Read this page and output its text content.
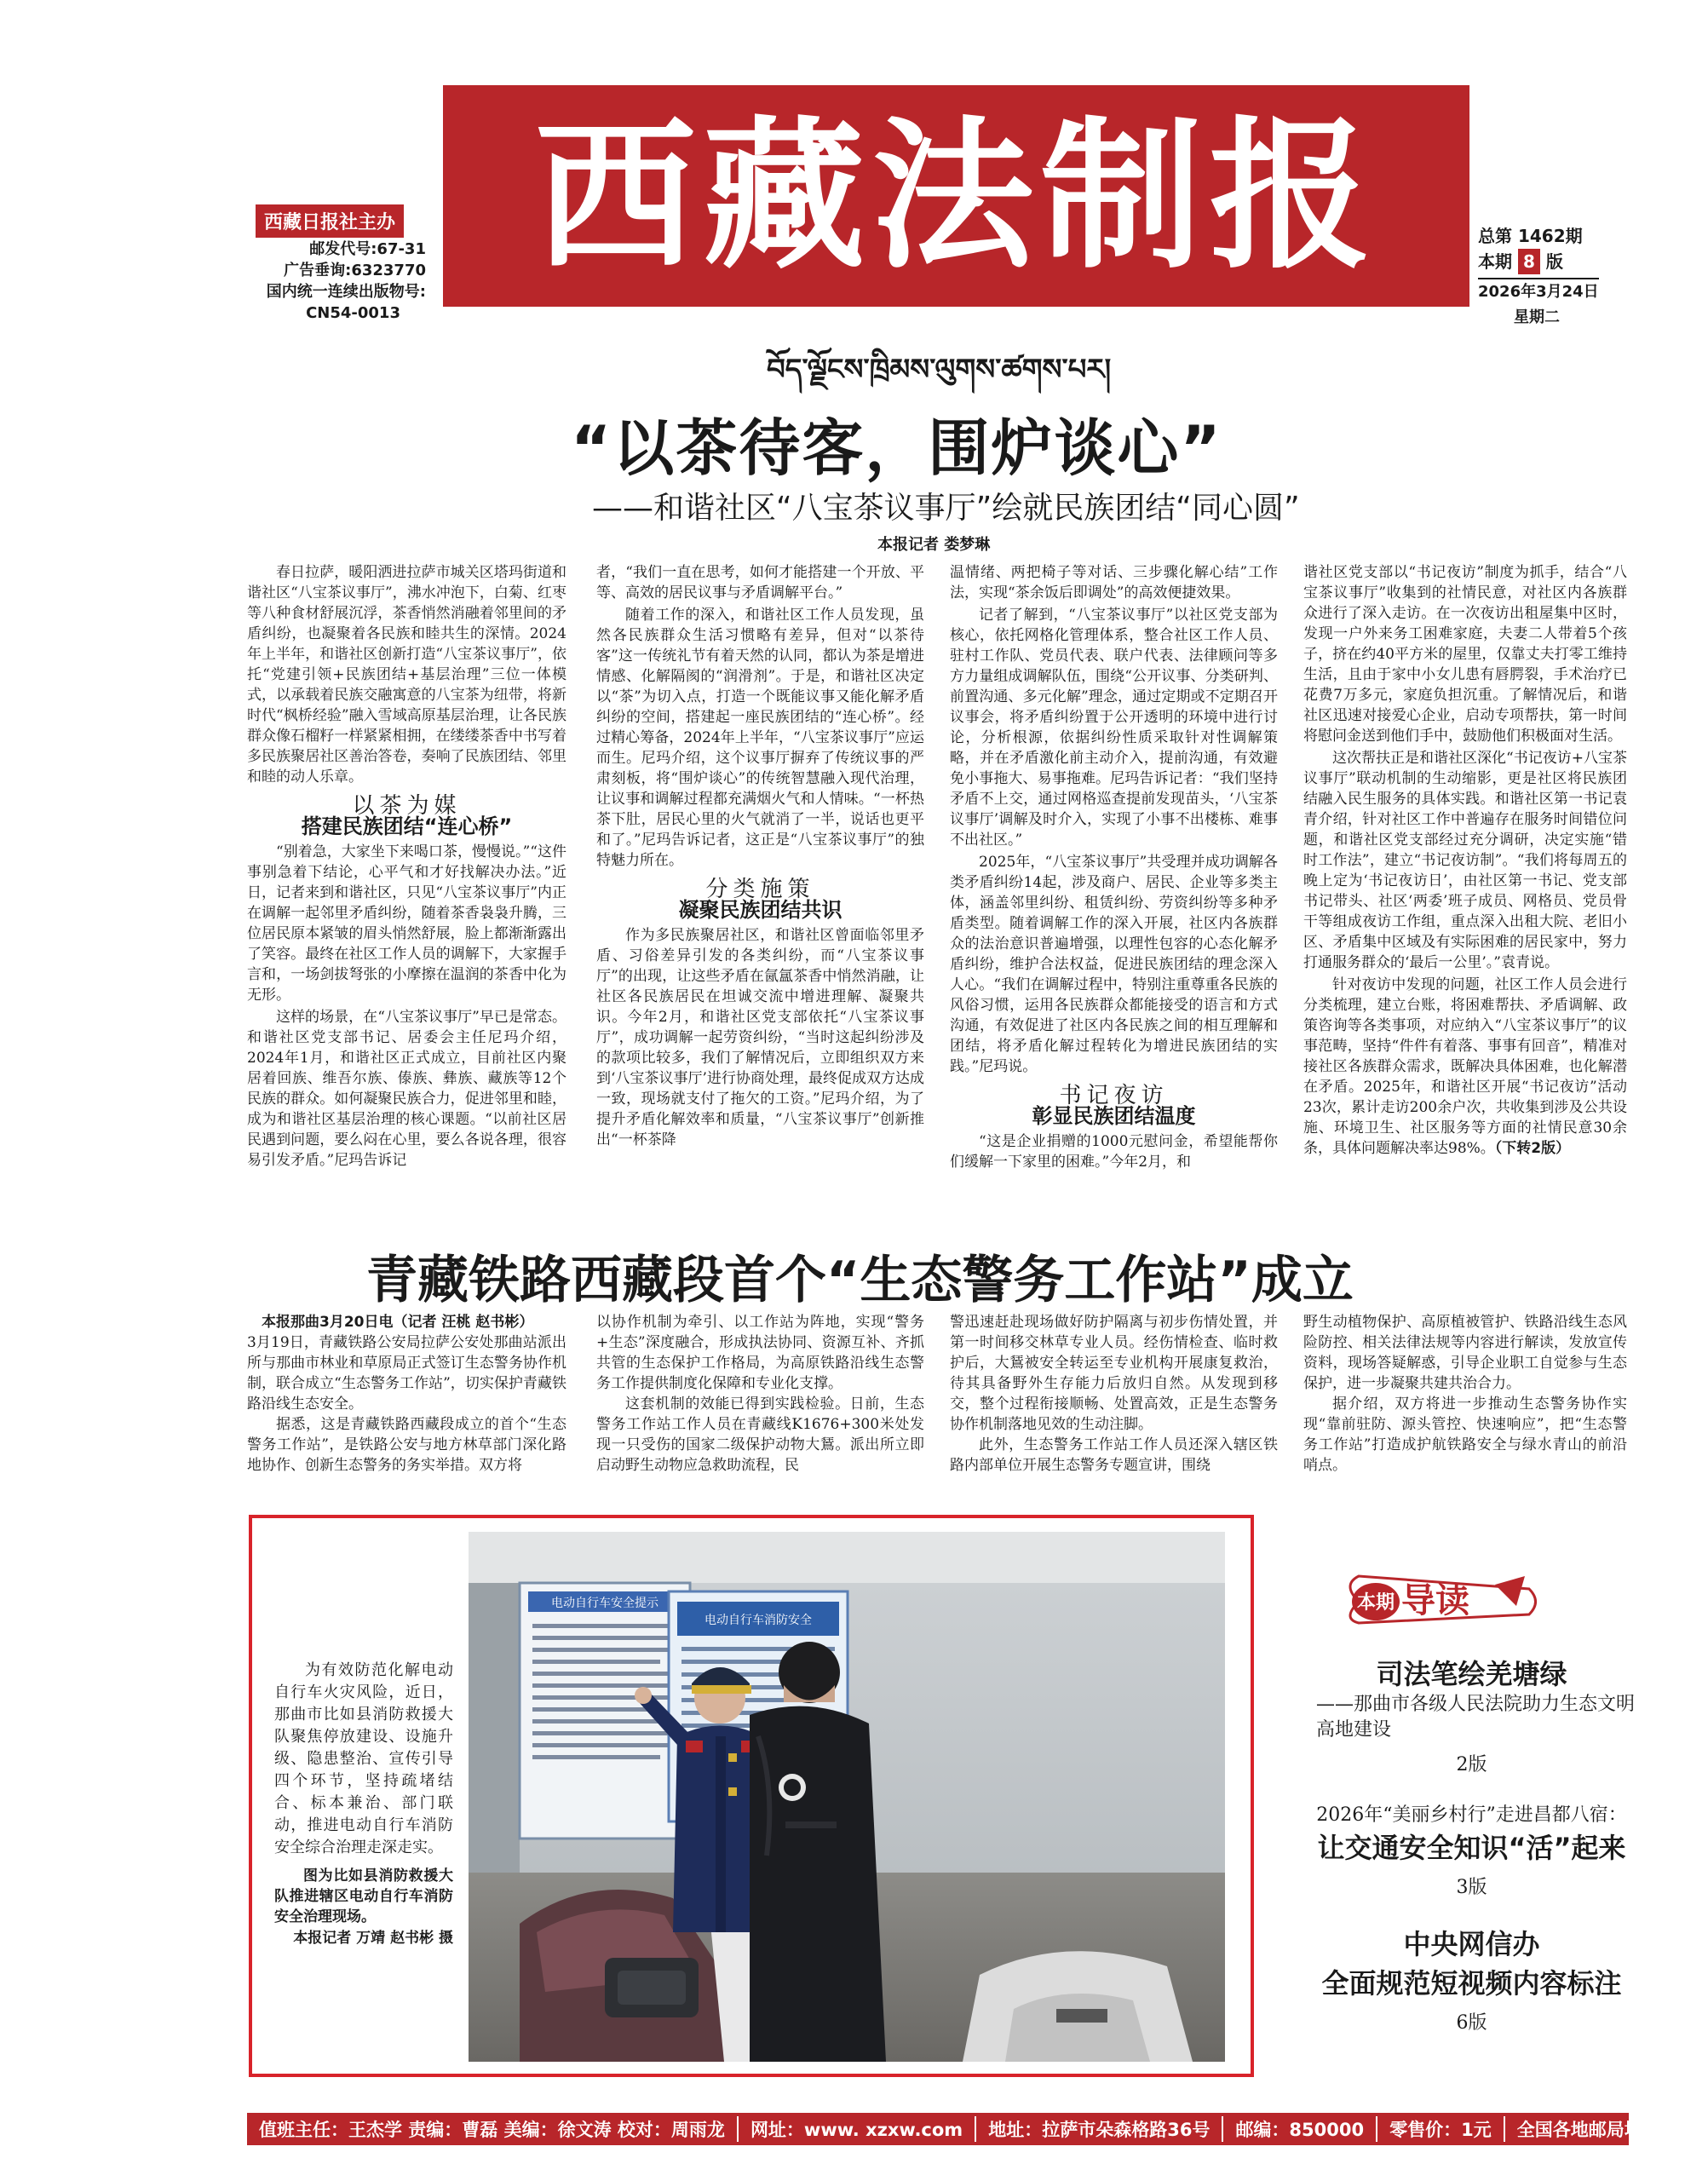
西藏法制报
西藏日报社主办
邮发代号:67-31
广告垂询:6323770
国内统一连续出版物号:
CN54-0013
总第 1462期
本期 8 版
2026年3月24日
星期二
བོད་ལྗོངས་ཁྲིམས་ལུགས་ཚགས་པར།
“以茶待客，围炉谈心”
——和谐社区“八宝茶议事厅”绘就民族团结“同心圆”
本报记者 娄梦琳

春日拉萨，暖阳洒进拉萨市城关区塔玛街道和谐社区“八宝茶议事厅”，沸水冲泡下，白菊、红枣等八种食材舒展沉浮，茶香悄然消融着邻里间的矛盾纠纷，也凝聚着各民族和睦共生的深情。2024年上半年，和谐社区创新打造“八宝茶议事厅”，依托“党建引领+民族团结+基层治理”三位一体模式，以承载着民族交融寓意的八宝茶为纽带，将新时代“枫桥经验”融入雪域高原基层治理，让各民族群众像石榴籽一样紧紧相拥，在缕缕茶香中书写着多民族聚居社区善治答卷，奏响了民族团结、邻里和睦的动人乐章。

以茶为媒
搭建民族团结“连心桥”

“别着急，大家坐下来喝口茶，慢慢说。”“这件事别急着下结论，心平气和才好找解决办法。”近日，记者来到和谐社区，只见“八宝茶议事厅”内正在调解一起邻里矛盾纠纷，随着茶香袅袅升腾，三位居民原本紧皱的眉头悄然舒展，脸上都渐渐露出了笑容。最终在社区工作人员的调解下，大家握手言和，一场剑拔弩张的小摩擦在温润的茶香中化为无形。

这样的场景，在“八宝茶议事厅”早已是常态。和谐社区党支部书记、居委会主任尼玛介绍，2024年1月，和谐社区正式成立，目前社区内聚居着回族、维吾尔族、傣族、彝族、藏族等12个民族的群众。如何凝聚民族合力，促进邻里和睦，成为和谐社区基层治理的核心课题。“以前社区居民遇到问题，要么闷在心里，要么各说各理，很容易引发矛盾。”尼玛告诉记

者，“我们一直在思考，如何才能搭建一个开放、平等、高效的居民议事与矛盾调解平台。”

随着工作的深入，和谐社区工作人员发现，虽然各民族群众生活习惯略有差异，但对“以茶待客”这一传统礼节有着天然的认同，都认为茶是增进情感、化解隔阂的“润滑剂”。于是，和谐社区决定以“茶”为切入点，打造一个既能议事又能化解矛盾纠纷的空间，搭建起一座民族团结的“连心桥”。经过精心筹备，2024年上半年，“八宝茶议事厅”应运而生。尼玛介绍，这个议事厅摒弃了传统议事的严肃刻板，将“围炉谈心”的传统智慧融入现代治理，让议事和调解过程都充满烟火气和人情味。“一杯热茶下肚，居民心里的火气就消了一半，说话也更平和了。”尼玛告诉记者，这正是“八宝茶议事厅”的独特魅力所在。

分类施策
凝聚民族团结共识

作为多民族聚居社区，和谐社区曾面临邻里矛盾、习俗差异引发的各类纠纷，而“八宝茶议事厅”的出现，让这些矛盾在氤氲茶香中悄然消融，让社区各民族居民在坦诚交流中增进理解、凝聚共识。今年2月，和谐社区党支部依托“八宝茶议事厅”，成功调解一起劳资纠纷，“当时这起纠纷涉及的款项比较多，我们了解情况后，立即组织双方来到‘八宝茶议事厅’进行协商处理，最终促成双方达成一致，现场就支付了拖欠的工资。”尼玛介绍，为了提升矛盾化解效率和质量，“八宝茶议事厅”创新推出“一杯茶降

温情绪、两把椅子等对话、三步骤化解心结”工作法，实现“茶余饭后即调处”的高效便捷效果。

记者了解到，“八宝茶议事厅”以社区党支部为核心，依托网格化管理体系，整合社区工作人员、驻村工作队、党员代表、联户代表、法律顾问等多方力量组成调解队伍，围绕“公开议事、分类研判、前置沟通、多元化解”理念，通过定期或不定期召开议事会，将矛盾纠纷置于公开透明的环境中进行讨论，分析根源，依据纠纷性质采取针对性调解策略，并在矛盾激化前主动介入，提前沟通，有效避免小事拖大、易事拖难。尼玛告诉记者：“我们坚持矛盾不上交，通过网格巡查提前发现苗头，‘八宝茶议事厅’调解及时介入，实现了小事不出楼栋、难事不出社区。”

2025年，“八宝茶议事厅”共受理并成功调解各类矛盾纠纷14起，涉及商户、居民、企业等多类主体，涵盖邻里纠纷、租赁纠纷、劳资纠纷等多种矛盾类型。随着调解工作的深入开展，社区内各族群众的法治意识普遍增强，以理性包容的心态化解矛盾纠纷，维护合法权益，促进民族团结的理念深入人心。“我们在调解过程中，特别注重尊重各民族的风俗习惯，运用各民族群众都能接受的语言和方式沟通，有效促进了社区内各民族之间的相互理解和团结，将矛盾化解过程转化为增进民族团结的实践。”尼玛说。

书记夜访
彰显民族团结温度

“这是企业捐赠的1000元慰问金，希望能帮你们缓解一下家里的困难。”今年2月，和

谐社区党支部以“书记夜访”制度为抓手，结合“八宝茶议事厅”收集到的社情民意，对社区内各族群众进行了深入走访。在一次夜访出租屋集中区时，发现一户外来务工困难家庭，夫妻二人带着5个孩子，挤在约40平方米的屋里，仅靠丈夫打零工维持生活，且由于家中小女儿患有唇腭裂，手术治疗已花费7万多元，家庭负担沉重。了解情况后，和谐社区迅速对接爱心企业，启动专项帮扶，第一时间将慰问金送到他们手中，鼓励他们积极面对生活。

这次帮扶正是和谐社区深化“书记夜访+八宝茶议事厅”联动机制的生动缩影，更是社区将民族团结融入民生服务的具体实践。和谐社区第一书记袁青介绍，针对社区工作中普遍存在服务时间错位问题，和谐社区党支部经过充分调研，决定实施“错时工作法”，建立“书记夜访制”。“我们将每周五的晚上定为‘书记夜访日’，由社区第一书记、党支部书记带头、社区‘两委’班子成员、网格员、党员骨干等组成夜访工作组，重点深入出租大院、老旧小区、矛盾集中区域及有实际困难的居民家中，努力打通服务群众的‘最后一公里’。”袁青说。

针对夜访中发现的问题，社区工作人员会进行分类梳理，建立台账，将困难帮扶、矛盾调解、政策咨询等各类事项，对应纳入“八宝茶议事厅”的议事范畴，坚持“件件有着落、事事有回音”，精准对接社区各族群众需求，既解决具体困难，也化解潜在矛盾。2025年，和谐社区开展“书记夜访”活动23次，累计走访200余户次，共收集到涉及公共设施、环境卫生、社区服务等方面的社情民意30余条，具体问题解决率达98%。（下转2版）

青藏铁路西藏段首个“生态警务工作站”成立

本报那曲3月20日电（记者 汪桃 赵书彬）

3月19日，青藏铁路公安局拉萨公安处那曲站派出所与那曲市林业和草原局正式签订生态警务协作机制，联合成立“生态警务工作站”，切实保护青藏铁路沿线生态安全。

据悉，这是青藏铁路西藏段成立的首个“生态警务工作站”，是铁路公安与地方林草部门深化路地协作、创新生态警务的务实举措。双方将

以协作机制为牵引、以工作站为阵地，实现“警务+生态”深度融合，形成执法协同、资源互补、齐抓共管的生态保护工作格局，为高原铁路沿线生态警务工作提供制度化保障和专业化支撑。

这套机制的效能已得到实践检验。日前，生态警务工作站工作人员在青藏线K1676+300米处发现一只受伤的国家二级保护动物大鵟。派出所立即启动野生动物应急救助流程，民

警迅速赶赴现场做好防护隔离与初步伤情处置，并第一时间移交林草专业人员。经伤情检查、临时救护后，大鵟被安全转运至专业机构开展康复救治，待其具备野外生存能力后放归自然。从发现到移交，整个过程衔接顺畅、处置高效，正是生态警务协作机制落地见效的生动注脚。

此外，生态警务工作站工作人员还深入辖区铁路内部单位开展生态警务专题宣讲，围绕

野生动植物保护、高原植被管护、铁路沿线生态风险防控、相关法律法规等内容进行解读，发放宣传资料，现场答疑解惑，引导企业职工自觉参与生态保护，进一步凝聚共建共治合力。

据介绍，双方将进一步推动生态警务协作实现“靠前驻防、源头管控、快速响应”，把“生态警务工作站”打造成护航铁路安全与绿水青山的前沿哨点。

为有效防范化解电动自行车火灾风险，近日，那曲市比如县消防救援大队聚焦停放建设、设施升级、隐患整治、宣传引导四个环节，坚持疏堵结合、标本兼治、部门联动，推进电动自行车消防安全综合治理走深走实。

图为比如县消防救援大队推进辖区电动自行车消防安全治理现场。
本报记者 万靖 赵书彬 摄
电动自行车安全提示
电动自行车消防安全
本期 导读
司法笔绘羌塘绿
——那曲市各级人民法院助力生态文明高地建设
2版
2026年“美丽乡村行”走进昌都八宿：
让交通安全知识“活”起来
3版
中央网信办
全面规范短视频内容标注
6版
值班主任：王杰学 责编：曹磊 美编：徐文涛 校对：周雨龙	网址：www. xzxw.com	地址：拉萨市朵森格路36号	邮编：850000	零售价：1元	全国各地邮局均可订阅
